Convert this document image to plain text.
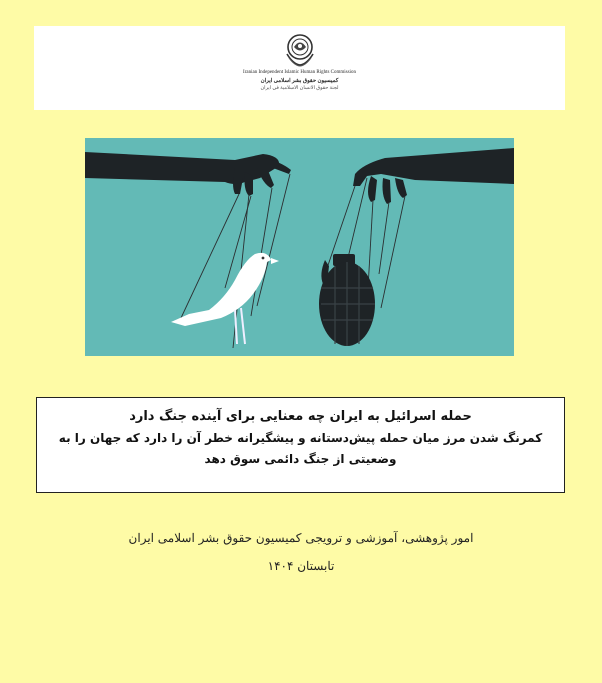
Iranian Independent Islamic Human Rights Commission
کمیسیون حقوق بشر اسلامی ایران
لجنة حقوق الانسان الاسلامية في ايران
حمله اسرائیل به ایران چه معنایی برای آینده جنگ دارد
کمرنگ شدن مرز میان حمله پیش‌دستانه و پیشگیرانه خطر آن را دارد که جهان را به وضعیتی از جنگ دائمی سوق دهد
امور پژوهشی، آموزشی و ترویجی کمیسیون حقوق بشر اسلامی ایران
تابستان ۱۴۰۴
